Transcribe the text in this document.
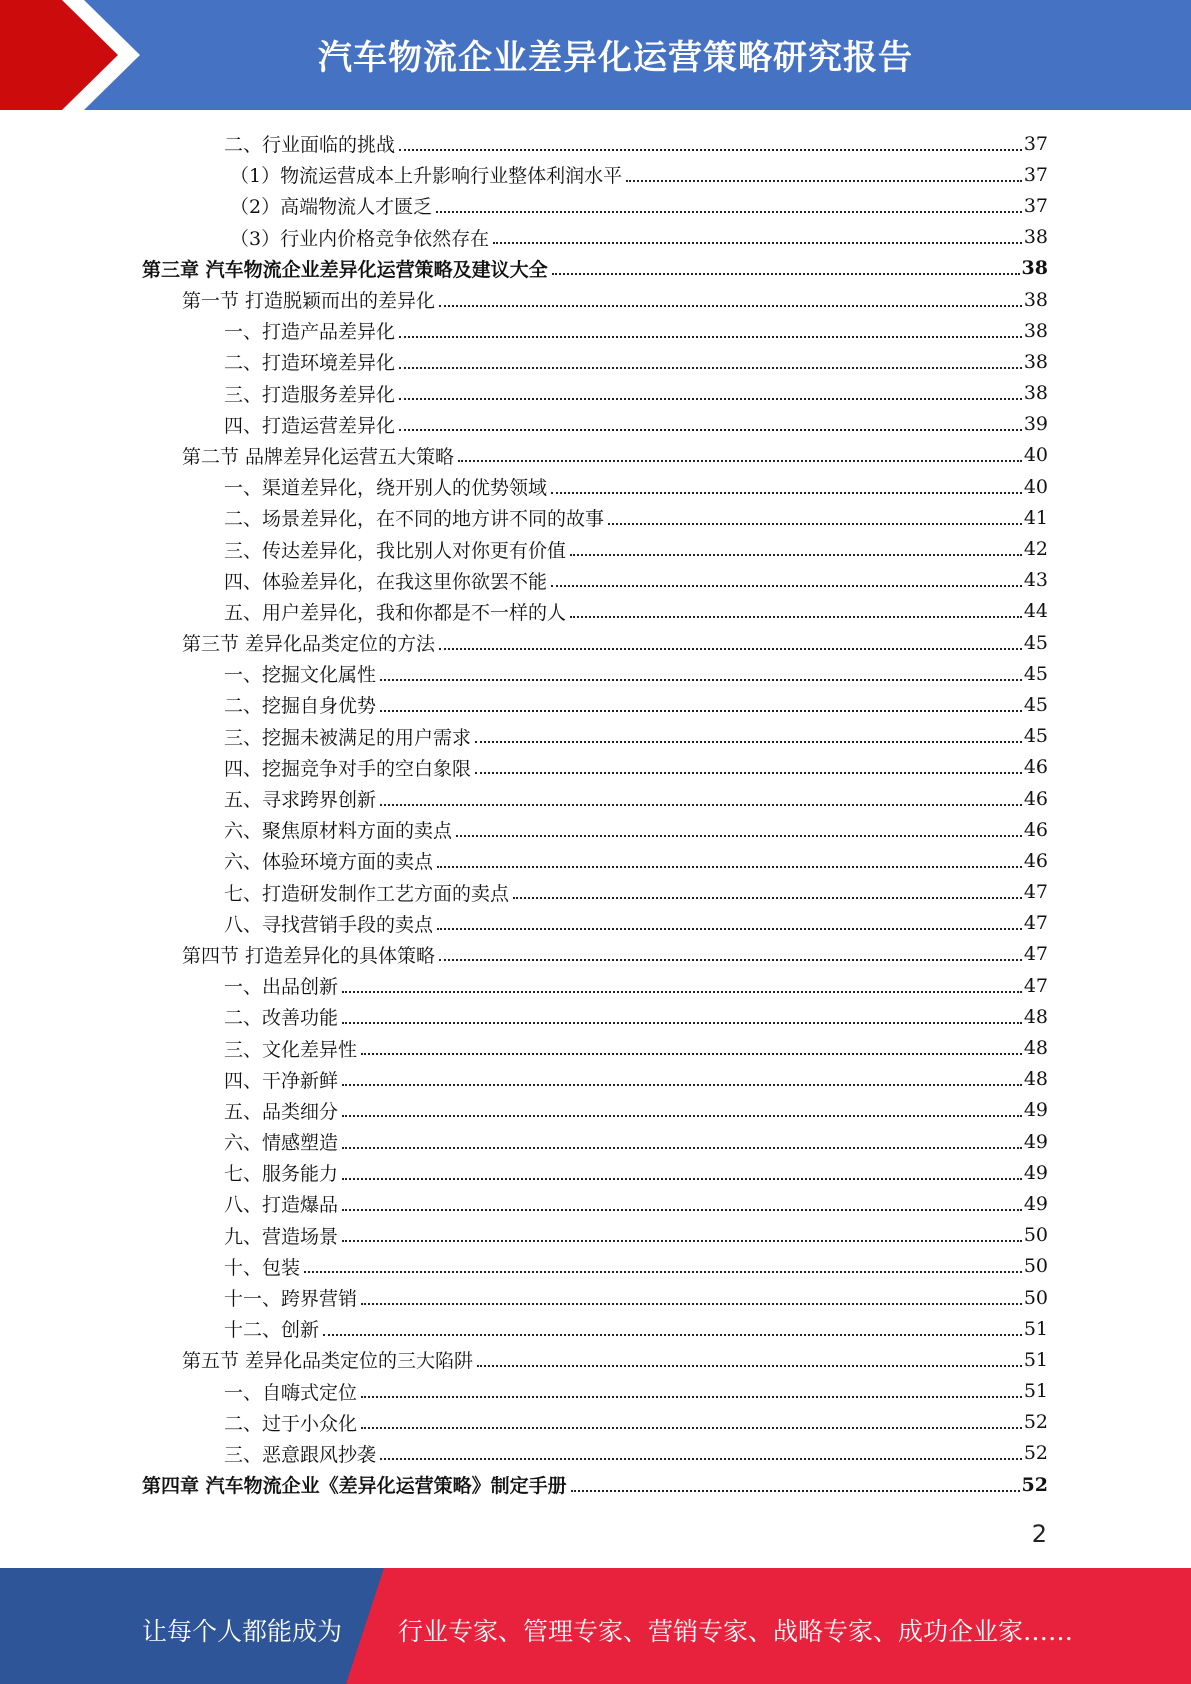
汽车物流企业差异化运营策略研究报告
二、行业面临的挑战	37
（1）物流运营成本上升影响行业整体利润水平	37
（2）高端物流人才匮乏	37
（3）行业内价格竞争依然存在	38
第三章 汽车物流企业差异化运营策略及建议大全	38
第一节 打造脱颖而出的差异化	38
一、打造产品差异化	38
二、打造环境差异化	38
三、打造服务差异化	38
四、打造运营差异化	39
第二节 品牌差异化运营五大策略	40
一、渠道差异化，绕开别人的优势领域	40
二、场景差异化，在不同的地方讲不同的故事	41
三、传达差异化，我比别人对你更有价值	42
四、体验差异化，在我这里你欲罢不能	43
五、用户差异化，我和你都是不一样的人	44
第三节 差异化品类定位的方法	45
一、挖掘文化属性	45
二、挖掘自身优势	45
三、挖掘未被满足的用户需求	45
四、挖掘竞争对手的空白象限	46
五、寻求跨界创新	46
六、聚焦原材料方面的卖点	46
六、体验环境方面的卖点	46
七、打造研发制作工艺方面的卖点	47
八、寻找营销手段的卖点	47
第四节 打造差异化的具体策略	47
一、出品创新	47
二、改善功能	48
三、文化差异性	48
四、干净新鲜	48
五、品类细分	49
六、情感塑造	49
七、服务能力	49
八、打造爆品	49
九、营造场景	50
十、包装	50
十一、跨界营销	50
十二、创新	51
第五节 差异化品类定位的三大陷阱	51
一、自嗨式定位	51
二、过于小众化	52
三、恶意跟风抄袭	52
第四章 汽车物流企业《差异化运营策略》制定手册	52
2
让每个人都能成为 行业专家、管理专家、营销专家、战略专家、成功企业家……
